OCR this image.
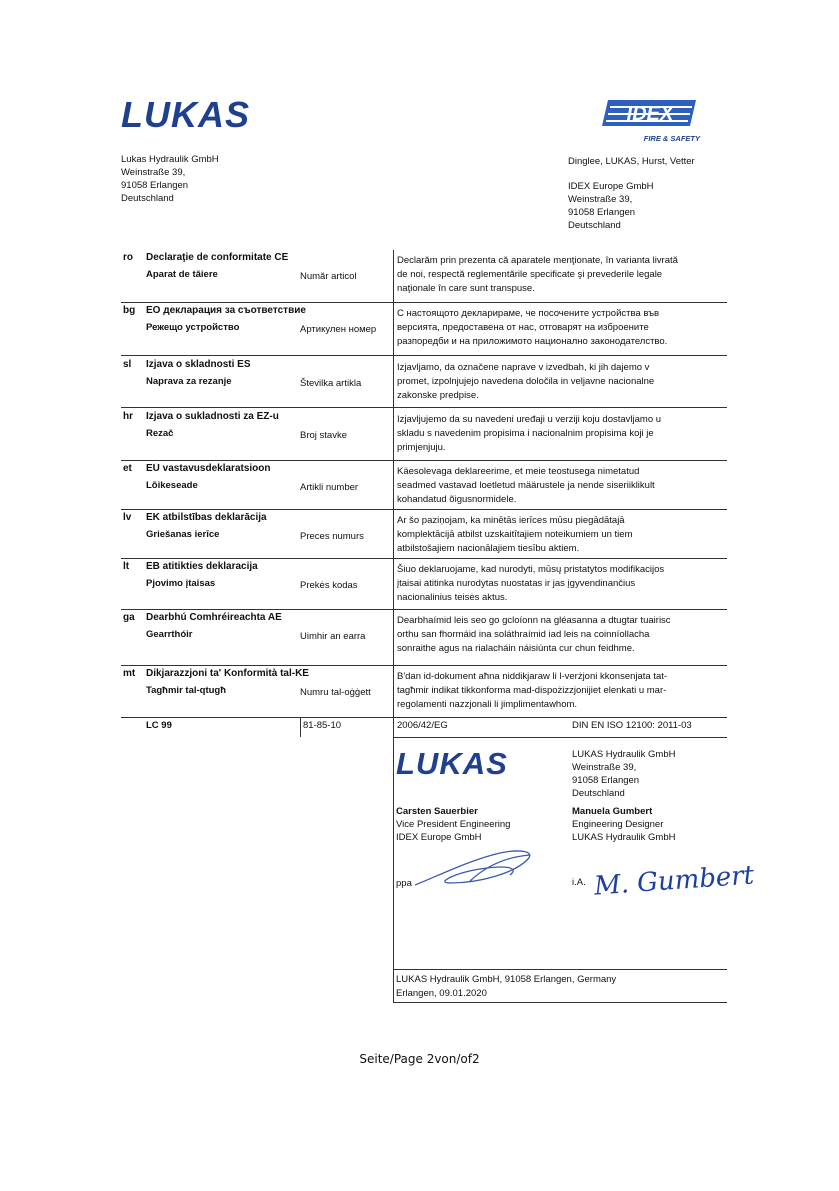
LUKAS	IDEX
FIRE & SAFETY
Lukas Hydraulik GmbH
Weinstraße 39,
91058 Erlangen
Deutschland
Dinglee, LUKAS, Hurst, Vetter
IDEX Europe GmbH
Weinstraße 39,
91058 Erlangen
Deutschland
ro Declaraţie de conformitate CE
Aparat de tăiere	Număr articol
Declarăm prin prezenta că aparatele menţionate, în varianta livrată
de noi, respectă reglementările specificate şi prevederile legale
naţionale în care sunt transpuse.
bg ЕО декларация за съответствие
Режещо устройство	Артикулен номер
С настоящото декларираме, че посочените устройства във
версията, предоставена от нас, отговарят на изброените
разпоредби и на приложимото национално законодателство.
sl Izjava o skladnosti ES
Naprava za rezanje	Številka artikla
Izjavljamo, da označene naprave v izvedbah, ki jih dajemo v
promet, izpolnjujejo navedena določila in veljavne nacionalne
zakonske predpise.
hr Izjava o sukladnosti za EZ-u
Rezač	Broj stavke
Izjavljujemo da su navedeni uređaji u verziji koju dostavljamo u
skladu s navedenim propisima i nacionalnim propisima koji je
primjenjuju.
et EÜ vastavusdeklaratsioon
Lõikeseade	Artikli number
Käesolevaga deklareerime, et meie teostusega nimetatud
seadmed vastavad loetletud määrustele ja nende siseriiklikult
kohandatud õigusnormidele.
lv EK atbilstības deklarācija
Griešanas ierīce	Preces numurs
Ar šo paziņojam, ka minētās ierīces mūsu piegādātajā
komplektācijā atbilst uzskaitītajiem noteikumiem un tiem
atbilstošajiem nacionālajiem tiesību aktiem.
lt EB atitikties deklaracija
Pjovimo įtaisas	Prekės kodas
Šiuo deklaruojame, kad nurodyti, mūsų pristatytos modifikacijos
įtaisai atitinka nurodytas nuostatas ir jas įgyvendinančius
nacionalinius teisės aktus.
ga Dearbhú Comhréireachta AE
Gearrthóir	Uimhir an earra
Dearbhaímid leis seo go gcloíonn na gléasanna a dtugtar tuairisc
orthu san fhormáid ina soláthraímid iad leis na coinníollacha
sonraithe agus na rialacháin náisiúnta cur chun feidhme.
mt Dikjarazzjoni ta' Konformità tal-KE
Tagħmir tal-qtugħ	Numru tal-oġġett
B'dan id-dokument aħna niddikjaraw li l-verżjoni kkonsenjata tat-
tagħmir indikat tikkonforma mad-dispożizzjonijiet elenkati u mar-
regolamenti nazzjonali li jimplimentawhom.
LC 99	81-85-10	2006/42/EG	DIN EN ISO 12100: 2011-03
LUKAS	LUKAS Hydraulik GmbH
Weinstraße 39,
91058 Erlangen
Deutschland
Carsten Sauerbier
Vice President Engineering
IDEX Europe GmbH
Manuela Gumbert
Engineering Designer
LUKAS Hydraulik GmbH
ppa	i.A. M. Gumbert
LUKAS Hydraulik GmbH, 91058 Erlangen, Germany
Erlangen, 09.01.2020
Seite/Page 2von/of2
